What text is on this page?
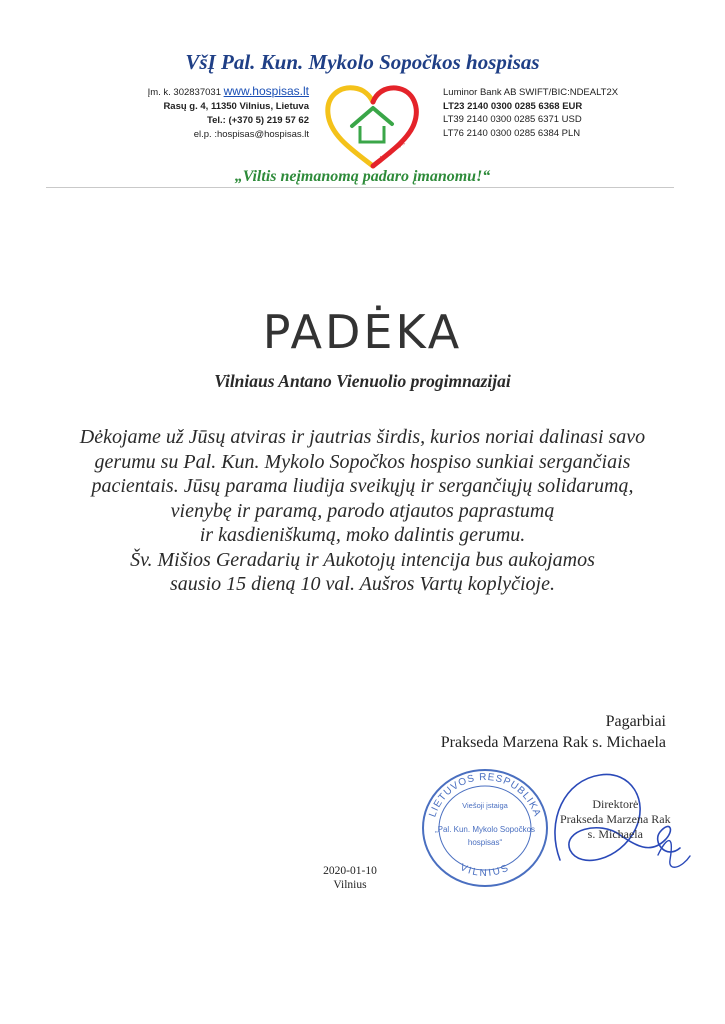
VšĮ Pal. Kun. Mykolo Sopočkos hospisas
Įm. k. 302837031 www.hospisas.lt
Rasų g. 4, 11350 Vilnius, Lietuva
Tel.: (+370 5) 219 57 62
el.p. :hospisas@hospisas.lt
hospisas.lt
Luminor Bank AB SWIFT/BIC:NDEALT2X
LT23 2140 0300 0285 6368 EUR
LT39 2140 0300 0285 6371 USD
LT76 2140 0300 0285 6384 PLN
„Viltis neįmanomą padaro įmanomu!“
PADĖKA
Vilniaus Antano Vienuolio progimnazijai
Dėkojame už Jūsų atviras ir jautrias širdis, kurios noriai dalinasi savo
gerumu su Pal. Kun. Mykolo Sopočkos hospiso sunkiai sergančiais
pacientais. Jūsų parama liudija sveikųjų ir sergančiųjų solidarumą,
vienybę ir paramą, parodo atjautos paprastumą
ir kasdieniškumą, moko dalintis gerumu.
Šv. Mišios Geradarių ir Aukotojų intencija bus aukojamos
sausio 15 dieną 10 val. Aušros Vartų koplyčioje.
Pagarbiai
Prakseda Marzena Rak s. Michaela
LIETUVOS RESPUBLIKA
VILNIUS
Viešoji įstaiga
„Pal. Kun. Mykolo Sopočkos
hospisas“
Direktorė
Prakseda Marzena Rak
s. Michaela
2020-01-10
Vilnius
